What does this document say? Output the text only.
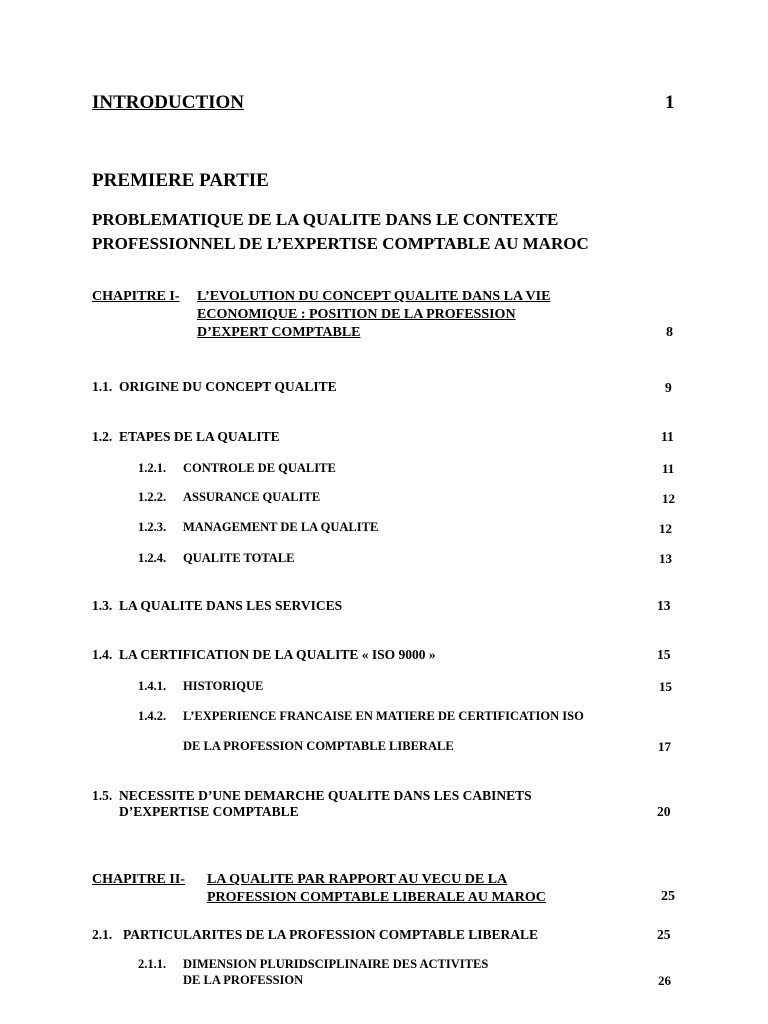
INTRODUCTION	1
PREMIERE PARTIE
PROBLEMATIQUE DE LA QUALITE DANS LE CONTEXTE
PROFESSIONNEL DE L’EXPERTISE COMPTABLE AU MAROC
CHAPITRE I- L’EVOLUTION DU CONCEPT QUALITE DANS LA VIE
ECONOMIQUE : POSITION DE LA PROFESSION
D’EXPERT COMPTABLE	8
1.1. ORIGINE DU CONCEPT QUALITE	9
1.2. ETAPES DE LA QUALITE	11
1.2.1. CONTROLE DE QUALITE	11
1.2.2. ASSURANCE QUALITE	12
1.2.3. MANAGEMENT DE LA QUALITE	12
1.2.4. QUALITE TOTALE	13
1.3. LA QUALITE DANS LES SERVICES	13
1.4. LA CERTIFICATION DE LA QUALITE « ISO 9000 »	15
1.4.1. HISTORIQUE	15
1.4.2. L’EXPERIENCE FRANCAISE EN MATIERE DE CERTIFICATION ISO
DE LA PROFESSION COMPTABLE LIBERALE	17
1.5. NECESSITE D’UNE DEMARCHE QUALITE DANS LES CABINETS
D’EXPERTISE COMPTABLE	20
CHAPITRE II- LA QUALITE PAR RAPPORT AU VECU DE LA
PROFESSION COMPTABLE LIBERALE AU MAROC	25
2.1. PARTICULARITES DE LA PROFESSION COMPTABLE LIBERALE	25
2.1.1. DIMENSION PLURIDSCIPLINAIRE DES ACTIVITES
DE LA PROFESSION	26
